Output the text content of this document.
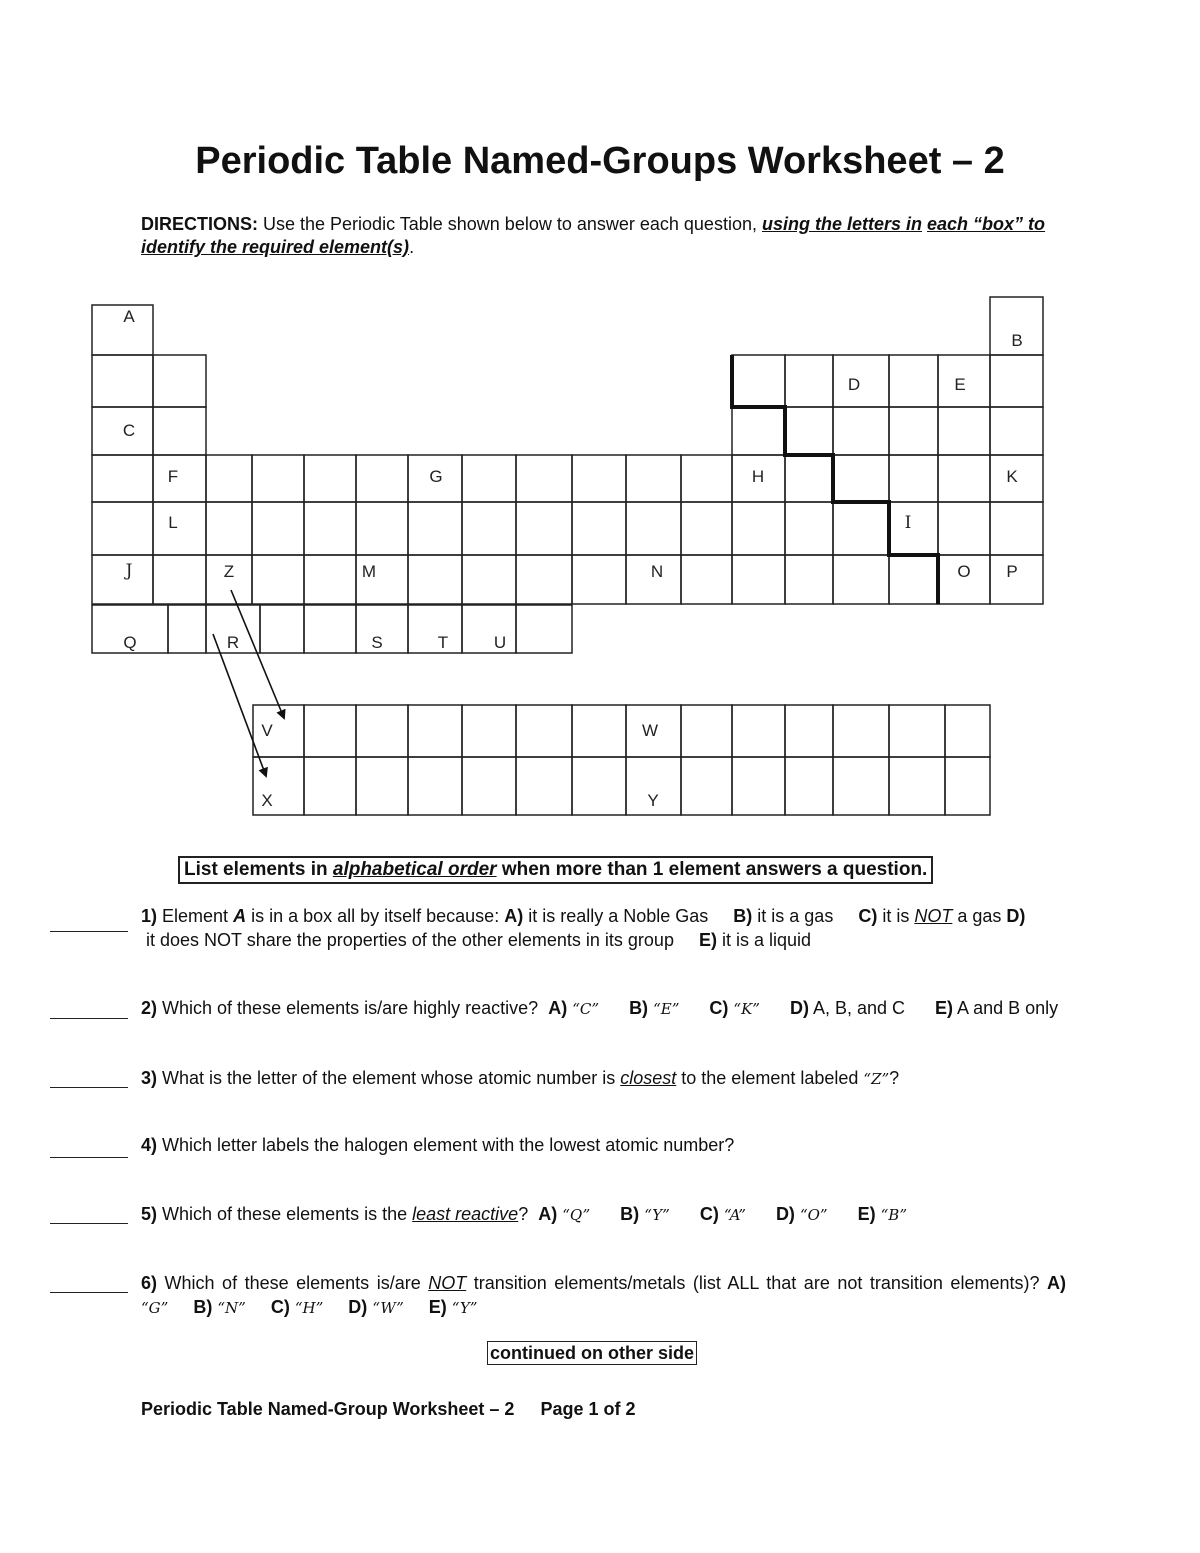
Periodic Table Named-Groups Worksheet – 2
DIRECTIONS: Use the Periodic Table shown below to answer each question, using the letters in each “box” to identify the required element(s).
A
B
C
D	E
F	G	H	K
L	I
J	Z	M	N	O P
Q	R	S	T	U
V	W
X	Y
List elements in alphabetical order when more than 1 element answers a question.
1) Element A is in a box all by itself because: A) it is really a Noble Gas     B) it is a gas     C) it is NOT a gas D) it does NOT share the properties of the other elements in its group     E) it is a liquid
2) Which of these elements is/are highly reactive?  A) “C” B) “E” C) “K” D) A, B, and C E) A and B only
3) What is the letter of the element whose atomic number is closest to the element labeled “Z”?
4) Which letter labels the halogen element with the lowest atomic number?
5) Which of these elements is the least reactive?  A) “Q” B) “Y” C) “A” D) “O” E) “B”
6) Which of these elements is/are NOT transition elements/metals (list ALL that are not transition elements)? A) “G” B) “N” C) “H” D) “W” E) “Y”
continued on other side
Periodic Table Named-Group Worksheet – 2 Page 1 of 2
